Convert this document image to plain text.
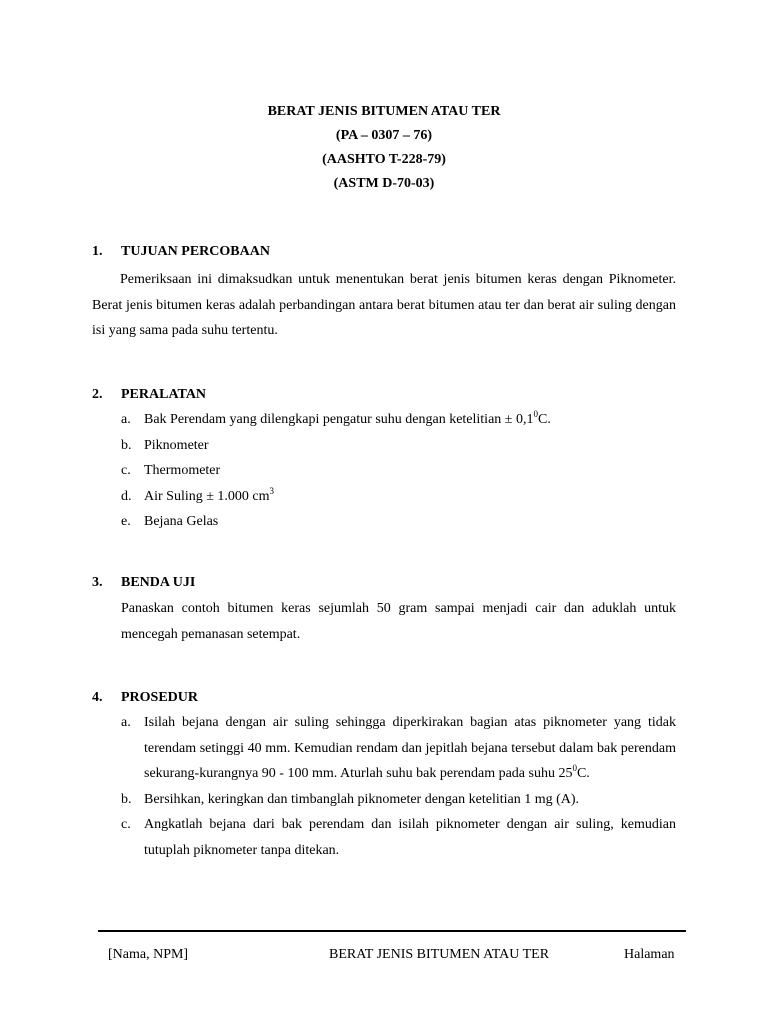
BERAT JENIS BITUMEN ATAU TER
(PA – 0307 – 76)
(AASHTO T-228-79)
(ASTM D-70-03)
1. TUJUAN PERCOBAAN
Pemeriksaan ini dimaksudkan untuk menentukan berat jenis bitumen keras dengan Piknometer. Berat jenis bitumen keras adalah perbandingan antara berat bitumen atau ter dan berat air suling dengan isi yang sama pada suhu tertentu.
2. PERALATAN
a. Bak Perendam yang dilengkapi pengatur suhu dengan ketelitian ± $0,1^0C$.
b. Piknometer
c. Thermometer
d. Air Suling ± 1.000 $cm^3$
e. Bejana Gelas
3. BENDA UJI
Panaskan contoh bitumen keras sejumlah 50 gram sampai menjadi cair dan aduklah untuk mencegah pemanasan setempat.
4. PROSEDUR
a. Isilah bejana dengan air suling sehingga diperkirakan bagian atas piknometer yang tidak terendam setinggi 40 mm. Kemudian rendam dan jepitlah bejana tersebut dalam bak perendam sekurang-kurangnya 90 - 100 mm. Aturlah suhu bak perendam pada suhu $25^0C$.
b. Bersihkan, keringkan dan timbanglah piknometer dengan ketelitian 1 mg (A).
c. Angkatlah bejana dari bak perendam dan isilah piknometer dengan air suling, kemudian tutuplah piknometer tanpa ditekan.
[Nama, NPM]	BERAT JENIS BITUMEN ATAU TER	Halaman
